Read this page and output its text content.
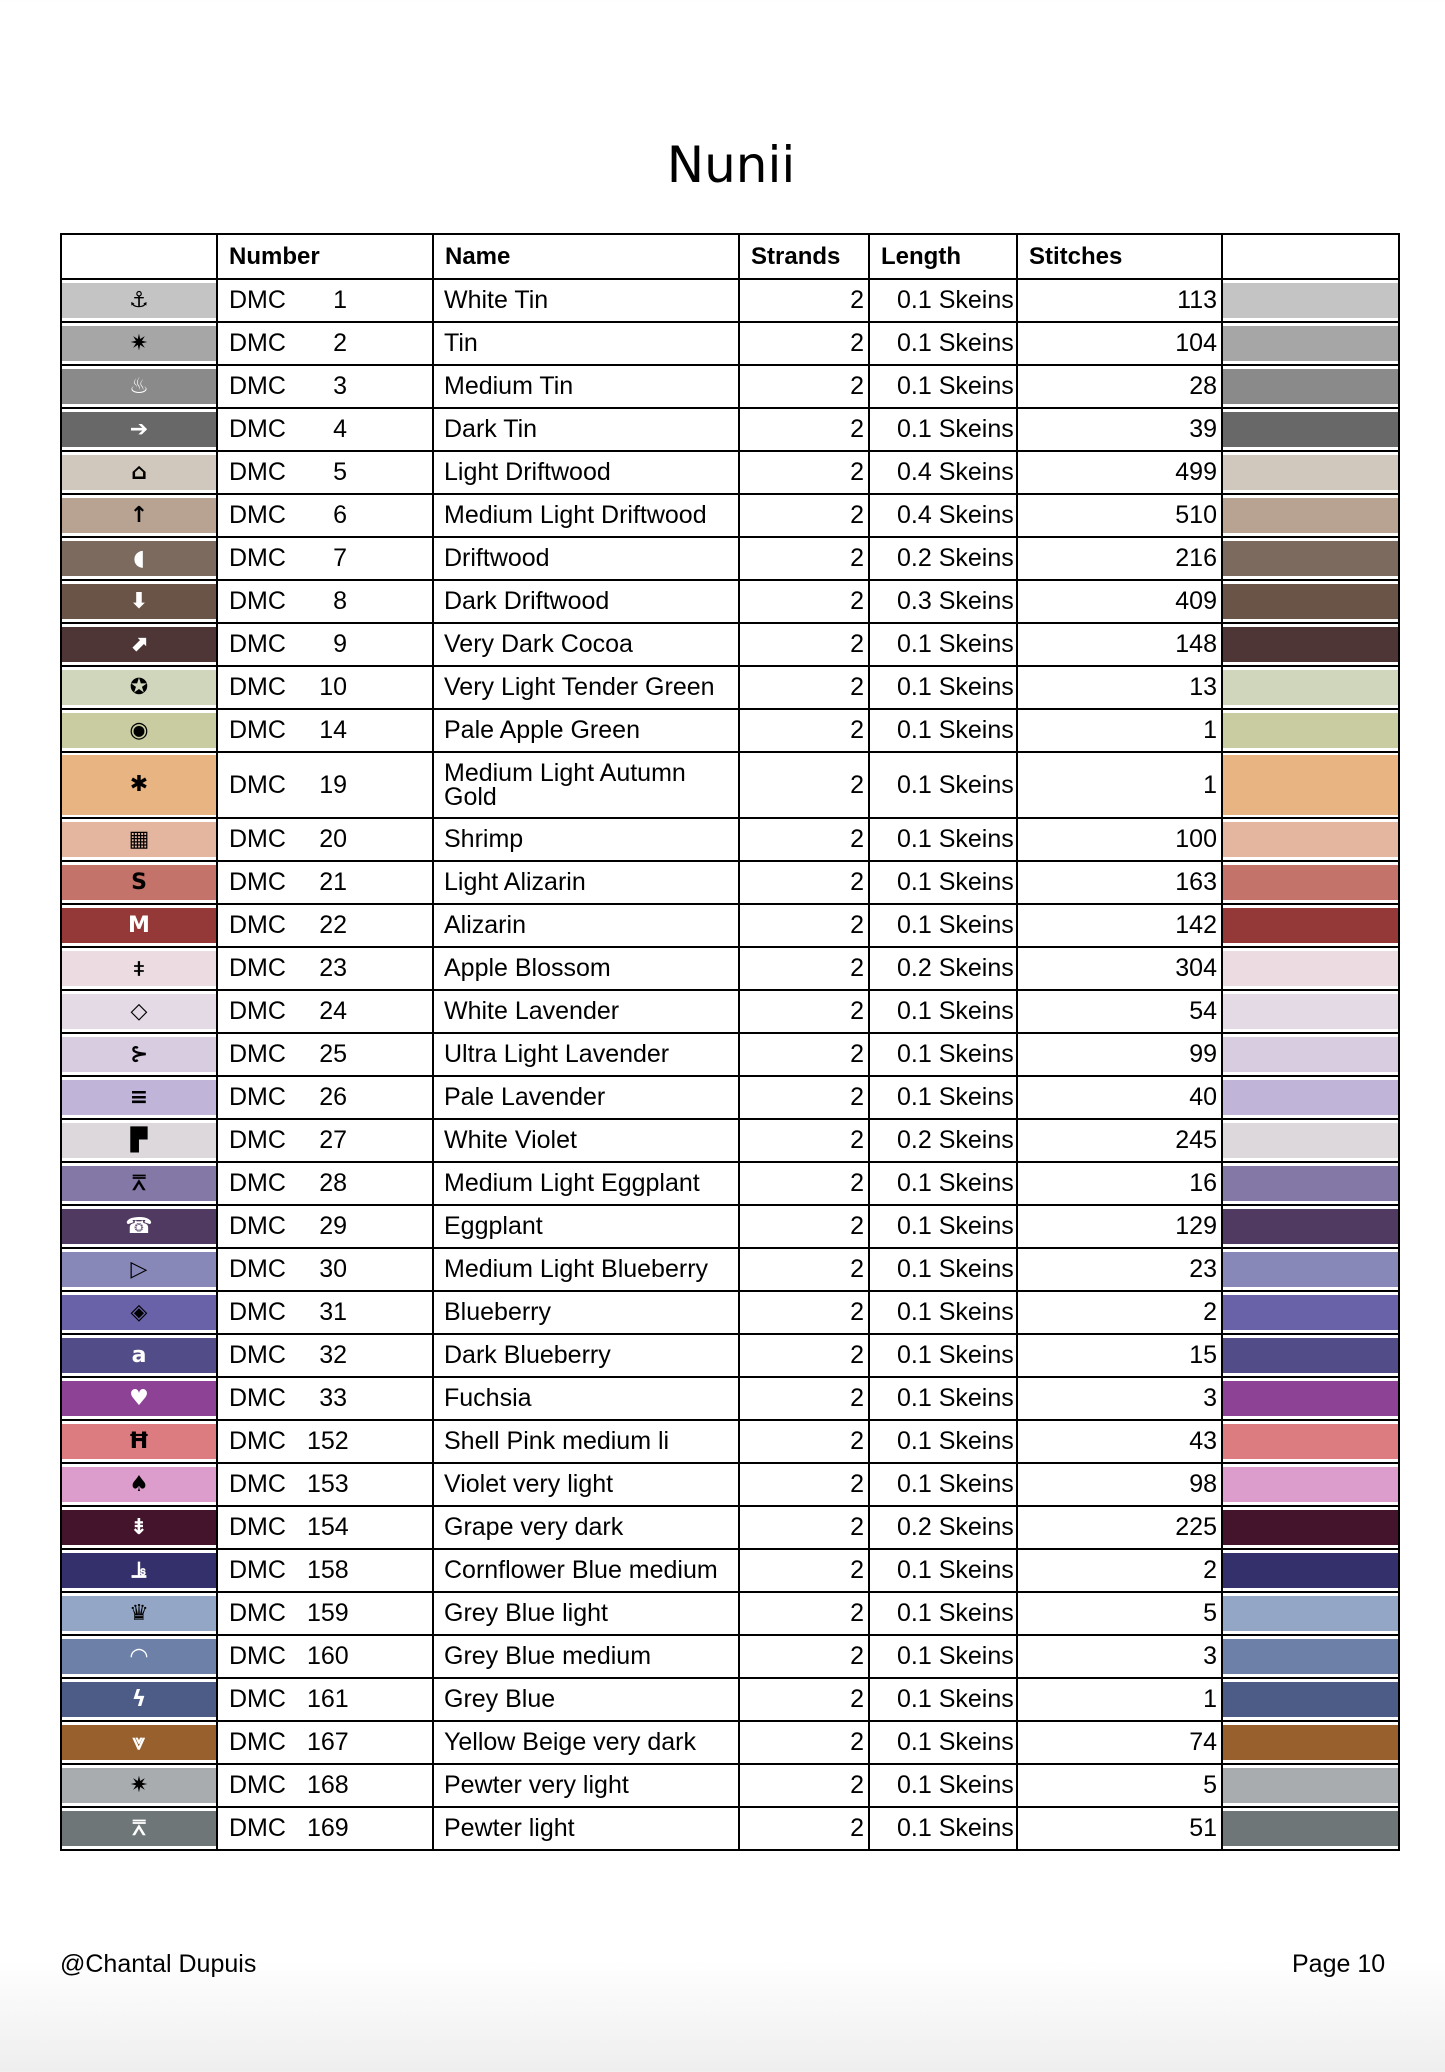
Nunii
	Number	Name	Strands	Length	Stitches	

⚓	DMC 1	White Tin	2	0.1 Skeins	113	

✷	DMC 2	Tin	2	0.1 Skeins	104	

♨	DMC 3	Medium Tin	2	0.1 Skeins	28	

➔	DMC 4	Dark Tin	2	0.1 Skeins	39	

⌂	DMC 5	Light Driftwood	2	0.4 Skeins	499	

↑	DMC 6	Medium Light Driftwood	2	0.4 Skeins	510	

◖	DMC 7	Driftwood	2	0.2 Skeins	216	

⬇	DMC 8	Dark Driftwood	2	0.3 Skeins	409	

⬈	DMC 9	Very Dark Cocoa	2	0.1 Skeins	148	

✪	DMC 10	Very Light Tender Green	2	0.1 Skeins	13	

◉	DMC 14	Pale Apple Green	2	0.1 Skeins	1	

✱	DMC 19	Medium Light Autumn Gold	2	0.1 Skeins	1	

▦	DMC 20	Shrimp	2	0.1 Skeins	100	

S	DMC 21	Light Alizarin	2	0.1 Skeins	163	

M	DMC 22	Alizarin	2	0.1 Skeins	142	

⧧	DMC 23	Apple Blossom	2	0.2 Skeins	304	

◇	DMC 24	White Lavender	2	0.1 Skeins	54	

⊱	DMC 25	Ultra Light Lavender	2	0.1 Skeins	99	

≡	DMC 26	Pale Lavender	2	0.1 Skeins	40	

▛	DMC 27	White Violet	2	0.2 Skeins	245	

⩞	DMC 28	Medium Light Eggplant	2	0.1 Skeins	16	

☎	DMC 29	Eggplant	2	0.1 Skeins	129	

▷	DMC 30	Medium Light Blueberry	2	0.1 Skeins	23	

◈	DMC 31	Blueberry	2	0.1 Skeins	2	

a	DMC 32	Dark Blueberry	2	0.1 Skeins	15	

♥	DMC 33	Fuchsia	2	0.1 Skeins	3	

Ħ	DMC 152	Shell Pink medium li	2	0.1 Skeins	43	

♠	DMC 153	Violet very light	2	0.1 Skeins	98	

⇟	DMC 154	Grape very dark	2	0.2 Skeins	225	

⫡	DMC 158	Cornflower Blue medium	2	0.1 Skeins	2	

♛	DMC 159	Grey Blue light	2	0.1 Skeins	5	

◠	DMC 160	Grey Blue medium	2	0.1 Skeins	3	

ϟ	DMC 161	Grey Blue	2	0.1 Skeins	1	

⩔	DMC 167	Yellow Beige very dark	2	0.1 Skeins	74	

✷	DMC 168	Pewter very light	2	0.1 Skeins	5	

⩞	DMC 169	Pewter light	2	0.1 Skeins	51	
@Chantal Dupuis	Page 10
